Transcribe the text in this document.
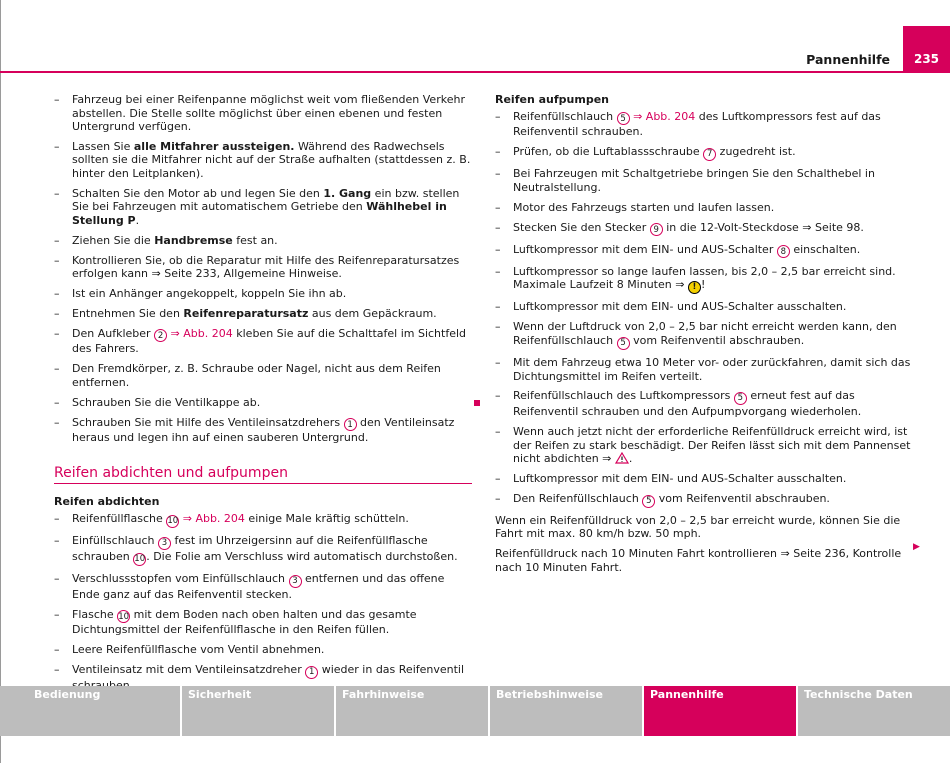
Pannenhilfe 235
– Fahrzeug bei einer Reifenpanne möglichst weit vom fließenden Verkehr abstellen. Die Stelle sollte möglichst über einen ebenen und festen Untergrund verfügen.
– Lassen Sie alle Mitfahrer aussteigen. Während des Radwechsels sollten sie die Mitfahrer nicht auf der Straße aufhalten (stattdessen z. B. hinter den Leitplanken).
– Schalten Sie den Motor ab und legen Sie den 1. Gang ein bzw. stellen Sie bei Fahrzeugen mit automatischem Getriebe den Wählhebel in Stellung P.
– Ziehen Sie die Handbremse fest an.
– Kontrollieren Sie, ob die Reparatur mit Hilfe des Reifenreparatursatzes erfolgen kann ⇒ Seite 233, Allgemeine Hinweise.
– Ist ein Anhänger angekoppelt, koppeln Sie ihn ab.
– Entnehmen Sie den Reifenreparatursatz aus dem Gepäckraum.
– Den Aufkleber 2 ⇒ Abb. 204 kleben Sie auf die Schalttafel im Sichtfeld des Fahrers.
– Den Fremdkörper, z. B. Schraube oder Nagel, nicht aus dem Reifen entfernen.
– Schrauben Sie die Ventilkappe ab.
– Schrauben Sie mit Hilfe des Ventileinsatzdrehers 1 den Ventileinsatz heraus und legen ihn auf einen sauberen Untergrund.
Reifen abdichten und aufpumpen
Reifen abdichten
– Reifenfüllflasche 10 ⇒ Abb. 204 einige Male kräftig schütteln.
– Einfüllschlauch 3 fest im Uhrzeigersinn auf die Reifenfüllflasche schrauben 10. Die Folie am Verschluss wird automatisch durchstoßen.
– Verschlussstopfen vom Einfüllschlauch 3 entfernen und das offene Ende ganz auf das Reifenventil stecken.
– Flasche 10 mit dem Boden nach oben halten und das gesamte Dichtungsmittel der Reifenfüllflasche in den Reifen füllen.
– Leere Reifenfüllflasche vom Ventil abnehmen.
– Ventileinsatz mit dem Ventileinsatzdreher 1 wieder in das Reifenventil
Reifen aufpumpen
– Reifenfüllschlauch 5 ⇒ Abb. 204 des Luftkompressors fest auf das Reifenventil schrauben.
– Prüfen, ob die Luftablassschraube 7 zugedreht ist.
– Bei Fahrzeugen mit Schaltgetriebe bringen Sie den Schalthebel in Neutralstellung.
– Motor des Fahrzeugs starten und laufen lassen.
– Stecken Sie den Stecker 9 in die 12-Volt-Steckdose ⇒ Seite 98.
– Luftkompressor mit dem EIN- und AUS-Schalter 8 einschalten.
– Luftkompressor so lange laufen lassen, bis 2,0 – 2,5 bar erreicht sind. Maximale Laufzeit 8 Minuten ⇒ ! !
– Luftkompressor mit dem EIN- und AUS-Schalter ausschalten.
– Wenn der Luftdruck von 2,0 – 2,5 bar nicht erreicht werden kann, den Reifenfüllschlauch 5 vom Reifenventil abschrauben.
– Mit dem Fahrzeug etwa 10 Meter vor- oder zurückfahren, damit sich das Dichtungsmittel im Reifen verteilt.
– Reifenfüllschlauch des Luftkompressors 5 erneut fest auf das Reifenventil schrauben und den Aufpumpvorgang wiederholen.
– Wenn auch jetzt nicht der erforderliche Reifenfülldruck erreicht wird, ist der Reifen zu stark beschädigt. Der Reifen lässt sich mit dem Pannenset nicht abdichten ⇒ .
– Luftkompressor mit dem EIN- und AUS-Schalter ausschalten.
– Den Reifenfüllschlauch 5 vom Reifenventil abschrauben.

Wenn ein Reifenfülldruck von 2,0 – 2,5 bar erreicht wurde, können Sie die Fahrt mit max. 80 km/h bzw. 50 mph.

Reifenfülldruck nach 10 Minuten Fahrt kontrollieren ⇒ Seite 236, Kontrolle nach 10 Minuten Fahrt.

▶
Bedienung	Sicherheit	Fahrhinweise	Betriebshinweise	Pannenhilfe	Technische Daten
